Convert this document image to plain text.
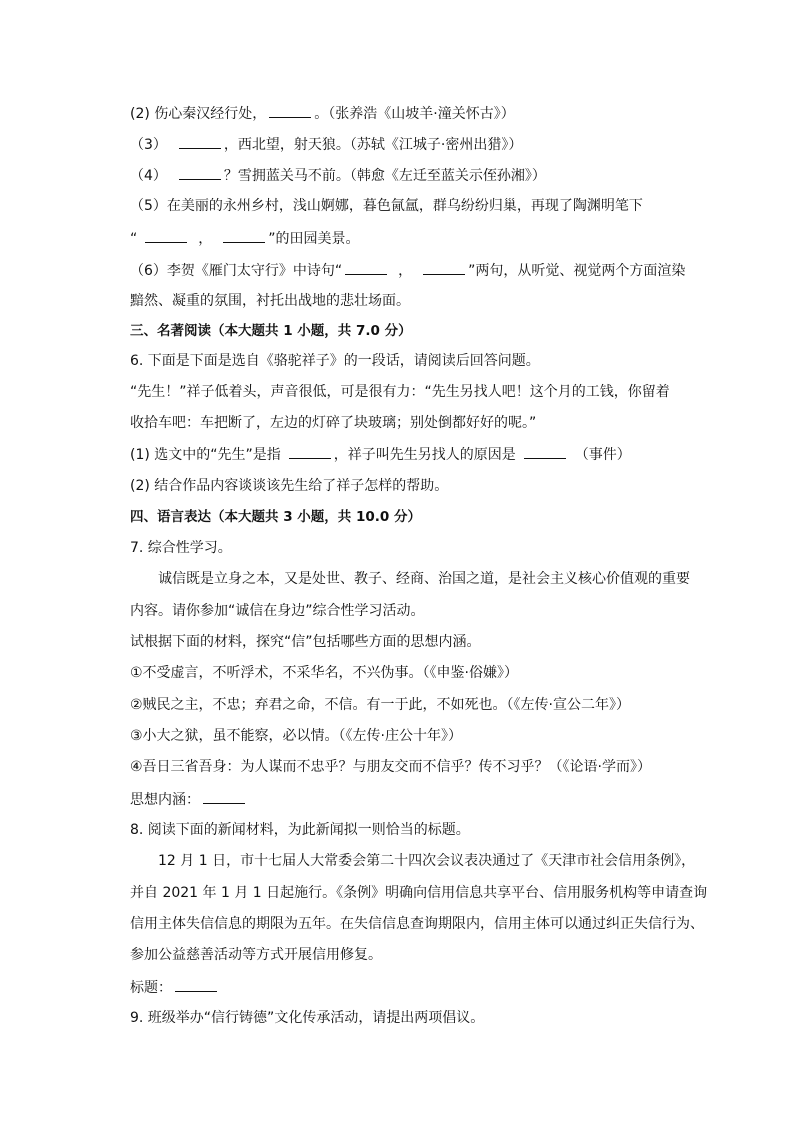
(2) 伤心秦汉经行处，	。（张养浩《山坡羊·潼关怀古》）
（3）	，西北望，射天狼。（苏轼《江城子·密州出猎》）
（4）	？雪拥蓝关马不前。（韩愈《左迁至蓝关示侄孙湘》）
（5）在美丽的永州乡村，浅山婀娜，暮色氤氲，群乌纷纷归巢，再现了陶渊明笔下
“	，	”的田园美景。
（6）李贺《雁门太守行》中诗句“	，	”两句，从听觉、视觉两个方面渲染
黯然、凝重的氛围，衬托出战地的悲壮场面。
三、名著阅读（本大题共 1 小题，共 7.0 分）
6. 下面是下面是选自《骆驼祥子》的一段话，请阅读后回答问题。
“先生！”祥子低着头，声音很低，可是很有力：“先生另找人吧！这个月的工钱，你留着
收拾车吧：车把断了，左边的灯碎了块玻璃；别处倒都好好的呢。”
(1) 选文中的“先生”是指	，祥子叫先生另找人的原因是	（事件）
(2) 结合作品内容谈谈该先生给了祥子怎样的帮助。
四、语言表达（本大题共 3 小题，共 10.0 分）
7. 综合性学习。
诚信既是立身之本，又是处世、教子、经商、治国之道，是社会主义核心价值观的重要
内容。请你参加“诚信在身边”综合性学习活动。
试根据下面的材料，探究“信”包括哪些方面的思想内涵。
①不受虚言，不听浮术，不采华名，不兴伪事。（《申鉴·俗嫌》）
②贼民之主，不忠；弃君之命，不信。有一于此，不如死也。（《左传·宣公二年》）
③小大之狱，虽不能察，必以情。（《左传·庄公十年》）
④吾日三省吾身：为人谋而不忠乎？与朋友交而不信乎？传不习乎？（《论语·学而》）
思想内涵：
8. 阅读下面的新闻材料，为此新闻拟一则恰当的标题。
12 月 1 日，市十七届人大常委会第二十四次会议表决通过了《天津市社会信用条例》，
并自 2021 年 1 月 1 日起施行。《条例》明确向信用信息共享平台、信用服务机构等申请查询
信用主体失信信息的期限为五年。在失信信息查询期限内，信用主体可以通过纠正失信行为、
参加公益慈善活动等方式开展信用修复。
标题：
9. 班级举办“信行铸德”文化传承活动，请提出两项倡议。
